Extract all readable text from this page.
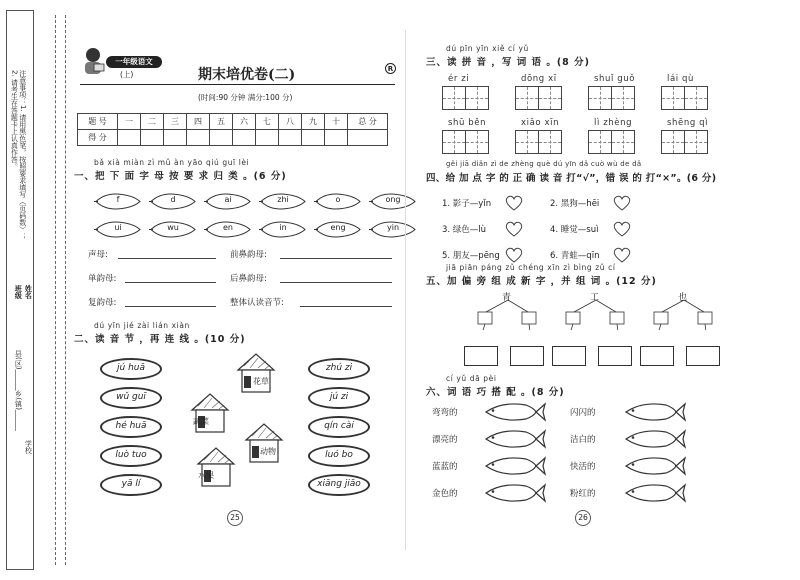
注意事项：1. 请用黑色笔，按照要求填写（页码数）；2. 请考生在答题卡上认真作答。
班级 姓名
县(区)______乡(镇)______
学校
一年级语文
(上)	期末培优卷(二)	R
(时间:90 分钟 满分:100 分)
题 号	一	二	三	四	五	六	七	八	九	十	总 分
得 分											
bǎ xià miàn zì mǔ àn yāo qiú guī lèi
一、把 下 面 字 母 按 要 求 归 类 。(6 分)
f	d	ai	zhi	o	ong
ui	wu	en	in	eng	yin
声母:	前鼻韵母:
单韵母:	后鼻韵母:
复韵母:	整体认读音节:
dú yīn jié zài lián xiàn
二、读 音 节 ，再 连 线 。(10 分)
jú huā
wǔ guī
hé huā
luò tuo
yā lí
zhú zi
jú zi
qín cài
luó bo
xiāng jiāo
花草
蔬菜
动物
水果
25
dú pīn yīn xiě cí yǔ
三、读 拼 音 ，写 词 语 。(8 分)
ér zi	dōng xī	shuǐ guǒ	lái qù
shū běn	xiǎo xīn	lì zhèng	shēng qì
gěi jiā diǎn zì de zhèng què dú yīn dǎ cuò wù de dǎ
四、给 加 点 字 的 正 确 读 音 打“√”，错 误 的 打“×”。(6 分)
1. 影子—yǐn	2. 黑狗—hēi
3. 绿色—lù	4. 睡觉—suì
5. 朋友—pēng	6. 青蛙—qīn
jiā piān páng zǔ chéng xīn zì bìng zǔ cí
五、加 偏 旁 组 成 新 字 ，并 组 词 。(12 分)
青	工	也
cí yǔ dā pèi
六、词 语 巧 搭 配 。(8 分)
弯弯的
漂亮的
蓝蓝的
金色的
闪闪的
洁白的
快活的
粉红的
26
